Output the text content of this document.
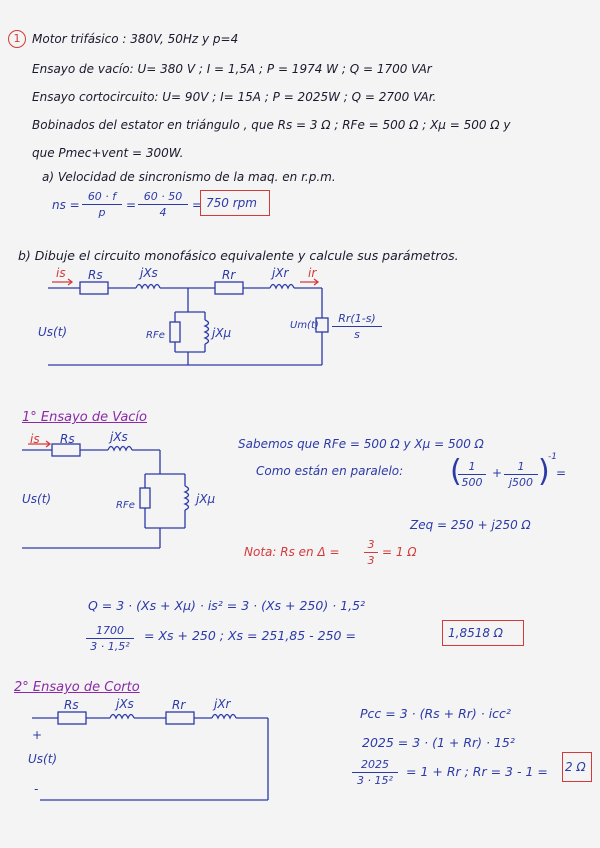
1 Motor trifásico : 380V, 50Hz y p=4
Ensayo de vacío: U= 380 V ; I = 1,5A ; P = 1974 W ; Q = 1700 VAr
Ensayo cortocircuito: U= 90V ; I= 15A ; P = 2025W ; Q = 2700 VAr.
Bobinados del estator en triángulo , que Rs = 3 Ω ; RFe = 500 Ω ; Xμ = 500 Ω y
que Pmec+vent = 300W.
a) Velocidad de sincronismo de la maq. en r.p.m.
ns =
60 · f
p
=
60 · 50
4
= 750 rpm
b) Dibuje el circuito monofásico equivalente y calcule sus parámetros.
is Rs	jXs	Rr	jXr ir
RFe	jXμ
Us(t)	Um(t)
Rr(1-s)
s
1° Ensayo de Vacío
is Rs	jXs
RFe	jXμ
Us(t)
Sabemos que RFe = 500 Ω y Xμ = 500 Ω
Como están en paralelo: ( 1
500
+	1
j500 )
-1
=
Zeq = 250 + j250 Ω
Nota: Rs en Δ =
3
3
= 1 Ω
Q = 3 · (Xs + Xμ) · is² = 3 · (Xs + 250) · 1,5²
1700
3 · 1,5²
= Xs + 250 ; Xs = 251,85 - 250 =	1,8518 Ω
2° Ensayo de Corto
Rs	jXs	Rr jXr
+
Us(t)
-
Pcc = 3 · (Rs + Rr) · icc²
2025 = 3 · (1 + Rr) · 15²
2025
3 · 15²
= 1 + Rr ; Rr = 3 - 1 = 2 Ω
